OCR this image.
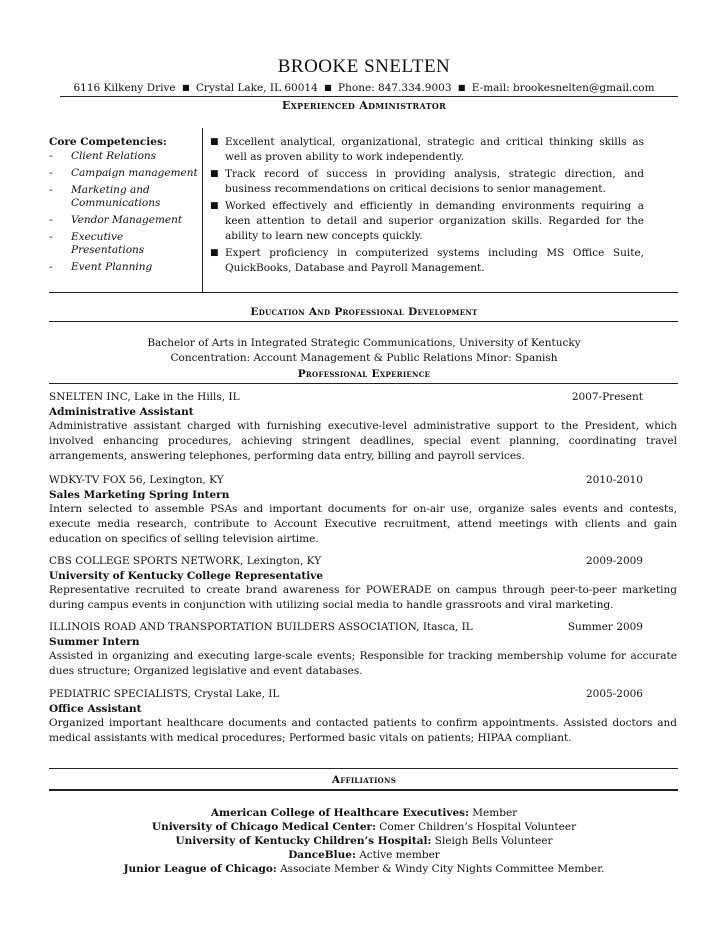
BROOKE SNELTEN
6116 Kilkeny Drive ■ Crystal Lake, IL 60014 ■ Phone: 847.334.9003 ■ E-mail: brookesnelten@gmail.com
Experienced Administrator
Core Competencies:
- Client Relations
- Campaign management
- Marketing and Communications
- Vendor Management
- Executive Presentations
- Event Planning
■ Excellent analytical, organizational, strategic and critical thinking skills as well as proven ability to work independently.
■ Track record of success in providing analysis, strategic direction, and business recommendations on critical decisions to senior management.
■ Worked effectively and efficiently in demanding environments requiring a keen attention to detail and superior organization skills. Regarded for the ability to learn new concepts quickly.
■ Expert proficiency in computerized systems including MS Office Suite, QuickBooks, Database and Payroll Management.
Education And Professional Development
Bachelor of Arts in Integrated Strategic Communications, University of Kentucky
Concentration: Account Management & Public Relations Minor: Spanish
Professional Experience
SNELTEN INC, Lake in the Hills, IL	2007-Present
Administrative Assistant
Administrative assistant charged with furnishing executive-level administrative support to the President, which involved enhancing procedures, achieving stringent deadlines, special event planning, coordinating travel arrangements, answering telephones, performing data entry, billing and payroll services.
WDKY-TV FOX 56, Lexington, KY	2010-2010
Sales Marketing Spring Intern
Intern selected to assemble PSAs and important documents for on-air use, organize sales events and contests, execute media research, contribute to Account Executive recruitment, attend meetings with clients and gain education on specifics of selling television airtime.
CBS COLLEGE SPORTS NETWORK, Lexington, KY	2009-2009
University of Kentucky College Representative
Representative recruited to create brand awareness for POWERADE on campus through peer-to-peer marketing during campus events in conjunction with utilizing social media to handle grassroots and viral marketing.
ILLINOIS ROAD AND TRANSPORTATION BUILDERS ASSOCIATION, Itasca, IL	Summer 2009
Summer Intern
Assisted in organizing and executing large-scale events; Responsible for tracking membership volume for accurate dues structure; Organized legislative and event databases.
PEDIATRIC SPECIALISTS, Crystal Lake, IL	2005-2006
Office Assistant
Organized important healthcare documents and contacted patients to confirm appointments. Assisted doctors and medical assistants with medical procedures; Performed basic vitals on patients; HIPAA compliant.
Affiliations
American College of Healthcare Executives: Member
University of Chicago Medical Center: Comer Children’s Hospital Volunteer
University of Kentucky Children’s Hospital: Sleigh Bells Volunteer
DanceBlue: Active member
Junior League of Chicago: Associate Member & Windy City Nights Committee Member.
